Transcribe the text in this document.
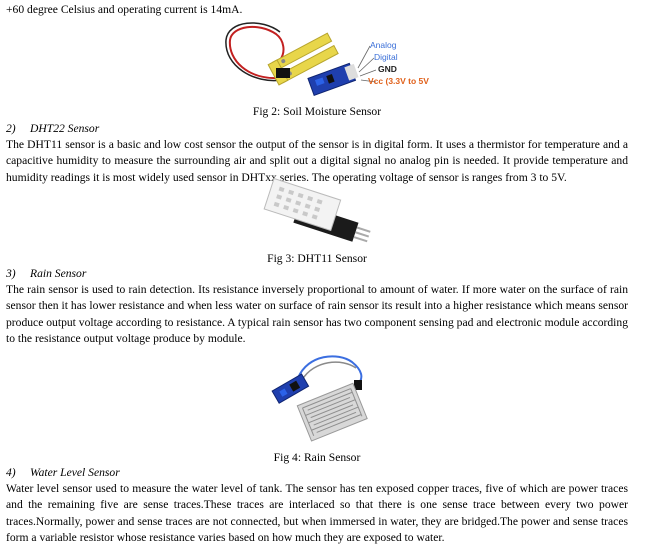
+60 degree Celsius and operating current is 14mA.
Analog
Digital
GND
Vcc (3.3V to 5V

Fig 2: Soil Moisture Sensor

2) DHT22 Sensor

The DHT11 sensor is a basic and low cost sensor the output of the sensor is in digital form. It uses a thermistor for temperature and a capacitive humidity to measure the surrounding air and split out a digital signal no analog pin is needed. It provide temperature and humidity readings it is most widely used sensor in DHTxx series. The operating voltage of sensor is ranges from 3 to 5V.

Fig 3: DHT11 Sensor

3) Rain Sensor

The rain sensor is used to rain detection. Its resistance inversely proportional to amount of water. If more water on the surface of rain sensor then it has lower resistance and when less water on surface of rain sensor its result into a higher resistance which means sensor produce output voltage according to resistance. A typical rain sensor has two component sensing pad and electronic module according to the resistance output voltage produce by module.

Fig 4: Rain Sensor

4) Water Level Sensor

Water level sensor used to measure the water level of tank. The sensor has ten exposed copper traces, five of which are power traces and the remaining five are sense traces.These traces are interlaced so that there is one sense trace between every two power traces.Normally, power and sense traces are not connected, but when immersed in water, they are bridged.The power and sense traces form a variable resistor whose resistance varies based on how much they are exposed to water.
